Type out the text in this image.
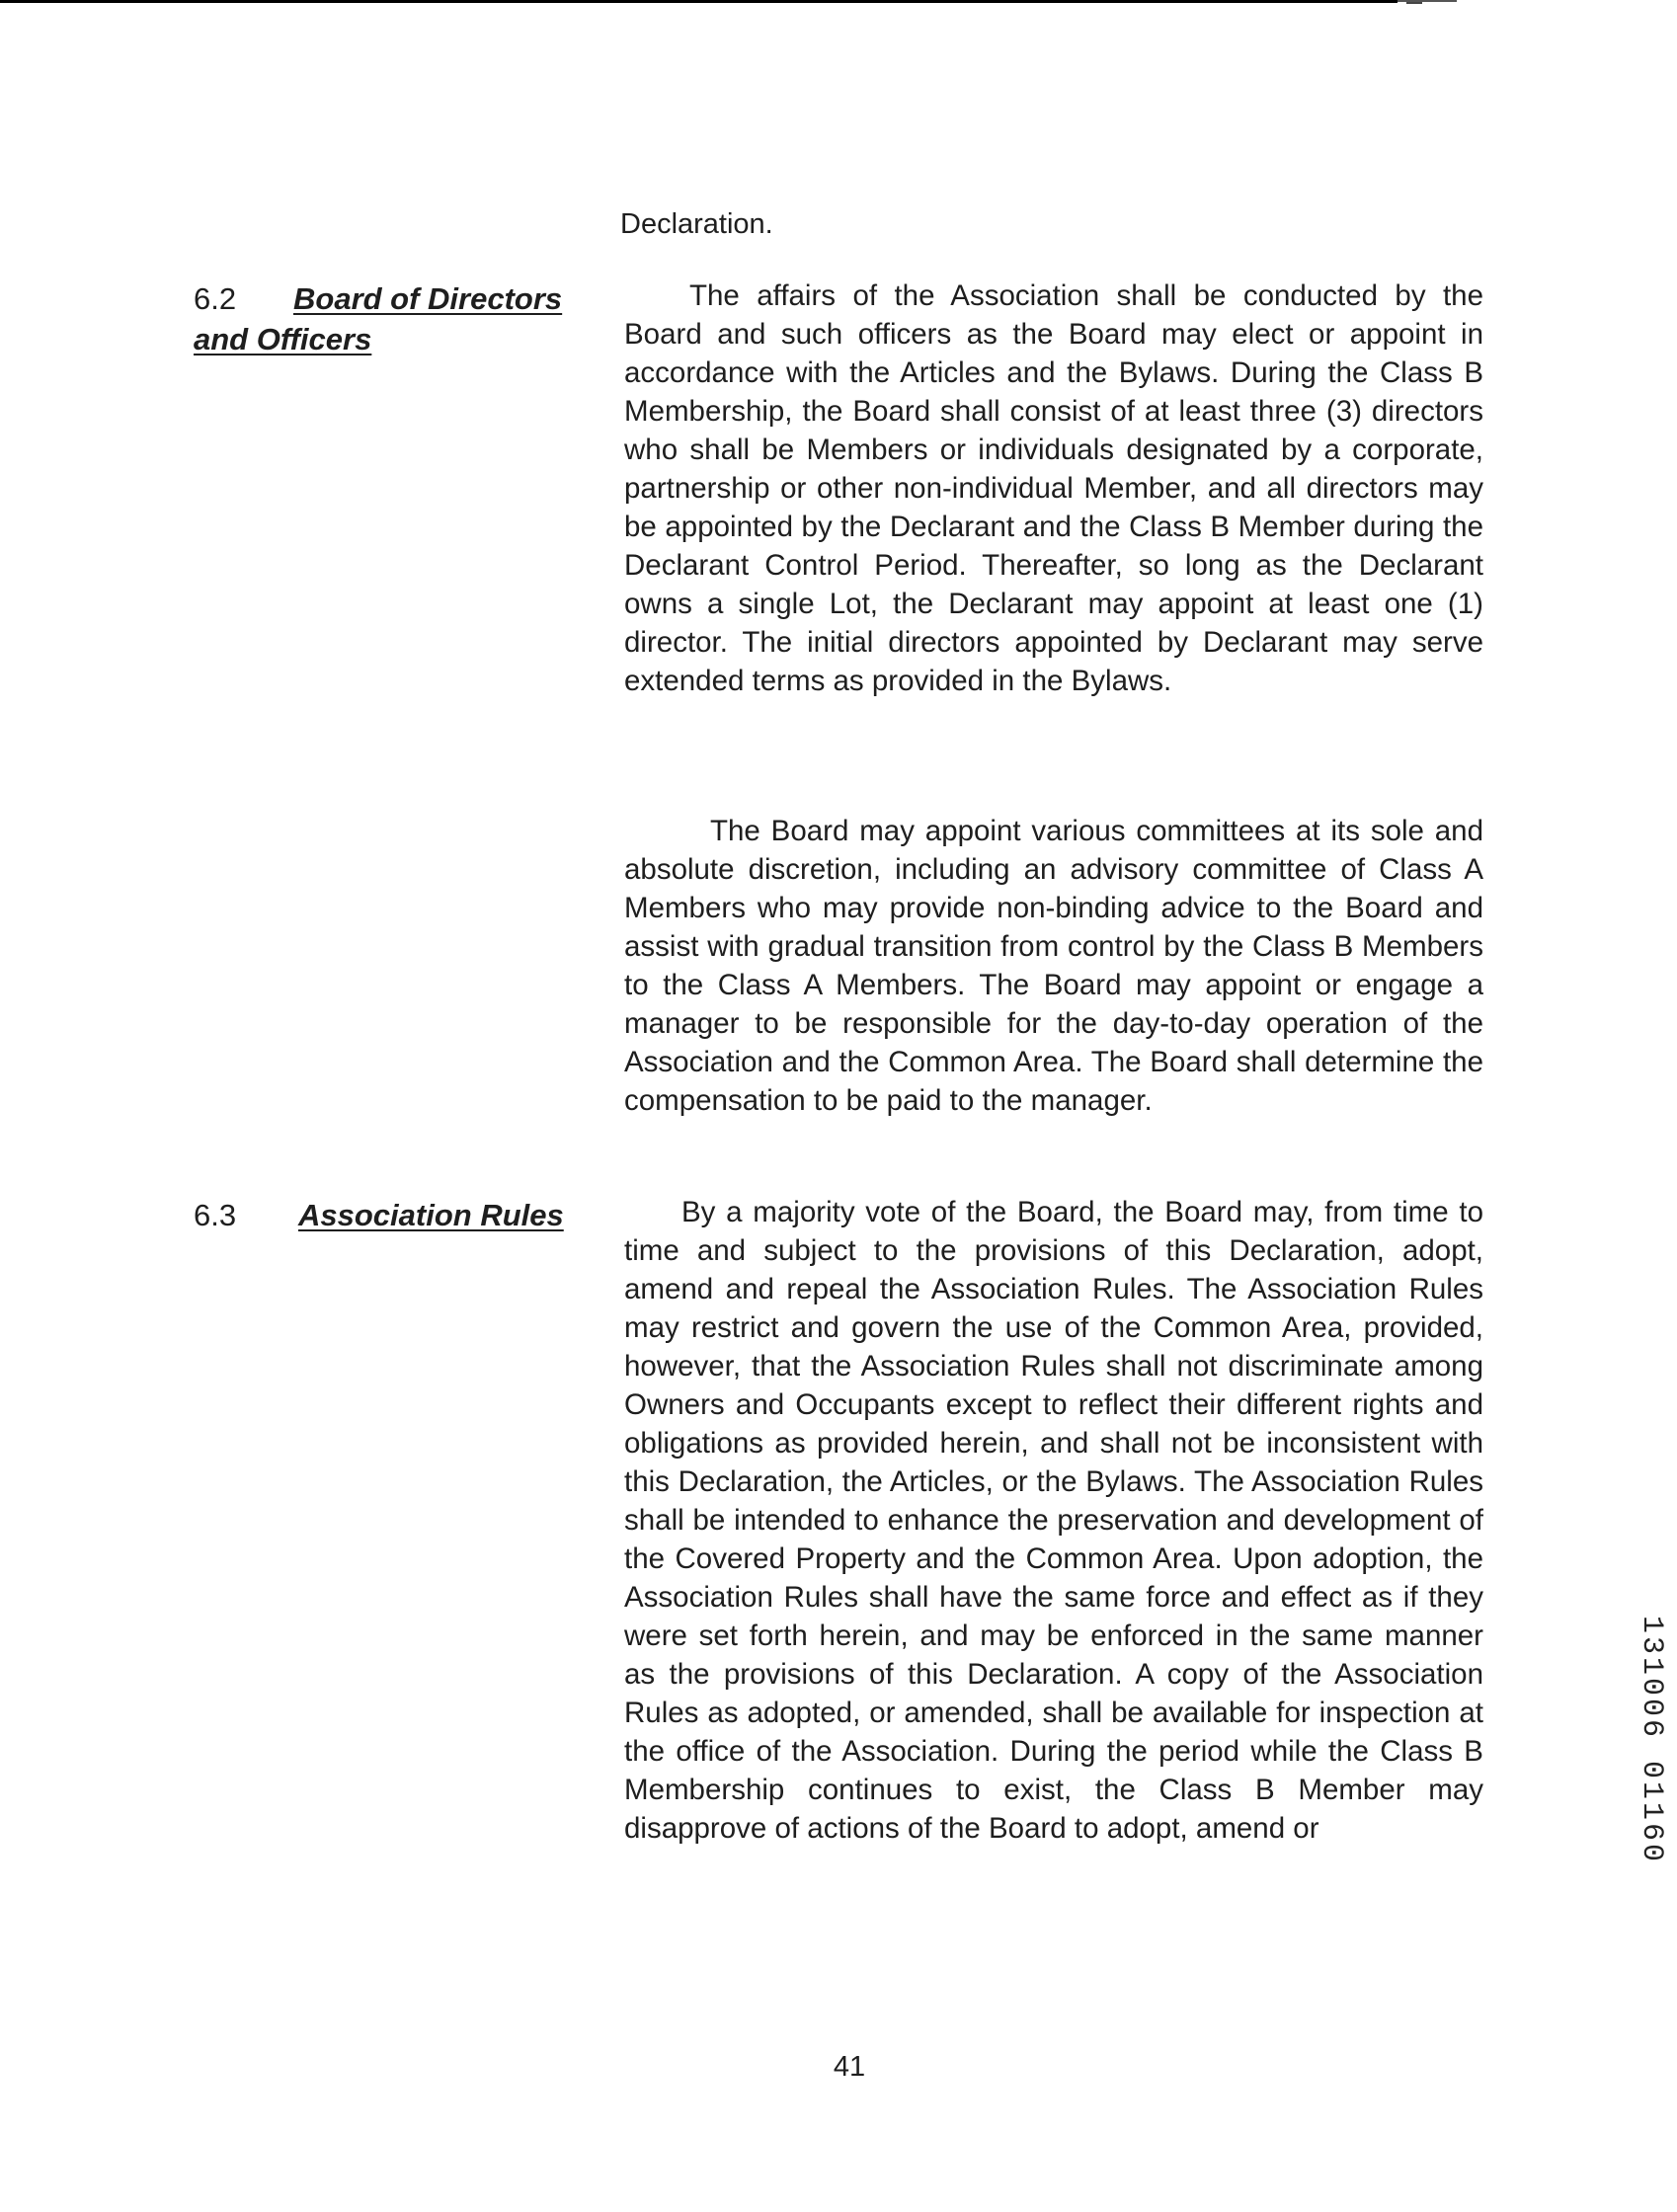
Declaration.
6.2 Board of Directors and Officers

The affairs of the Association shall be conducted by the Board and such officers as the Board may elect or appoint in accordance with the Articles and the Bylaws. During the Class B Membership, the Board shall consist of at least three (3) directors who shall be Members or individuals designated by a corporate, partnership or other non-individual Member, and all directors may be appointed by the Declarant and the Class B Member during the Declarant Control Period. Thereafter, so long as the Declarant owns a single Lot, the Declarant may appoint at least one (1) director. The initial directors appointed by Declarant may serve extended terms as provided in the Bylaws.

The Board may appoint various committees at its sole and absolute discretion, including an advisory committee of Class A Members who may provide non-binding advice to the Board and assist with gradual transition from control by the Class B Members to the Class A Members. The Board may appoint or engage a manager to be responsible for the day-to-day operation of the Association and the Common Area. The Board shall determine the compensation to be paid to the manager.

6.3 Association Rules	By a majority vote of the Board, the Board may, from time to time and subject to the provisions of this Declaration, adopt, amend and repeal the Association Rules. The Association Rules may restrict and govern the use of the Common Area, provided, however, that the Association Rules shall not discriminate among Owners and Occupants except to reflect their different rights and obligations as provided herein, and shall not be inconsistent with this Declaration, the Articles, or the Bylaws. The Association Rules shall be intended to enhance the preservation and development of the Covered Property and the Common Area. Upon adoption, the Association Rules shall have the same force and effect as if they were set forth herein, and may be enforced in the same manner as the provisions of this Declaration. A copy of the Association Rules as adopted, or amended, shall be available for inspection at the office of the Association. During the period while the Class B Membership continues to exist, the Class B Member may disapprove of actions of the Board to adopt, amend or

41
131006 01160
